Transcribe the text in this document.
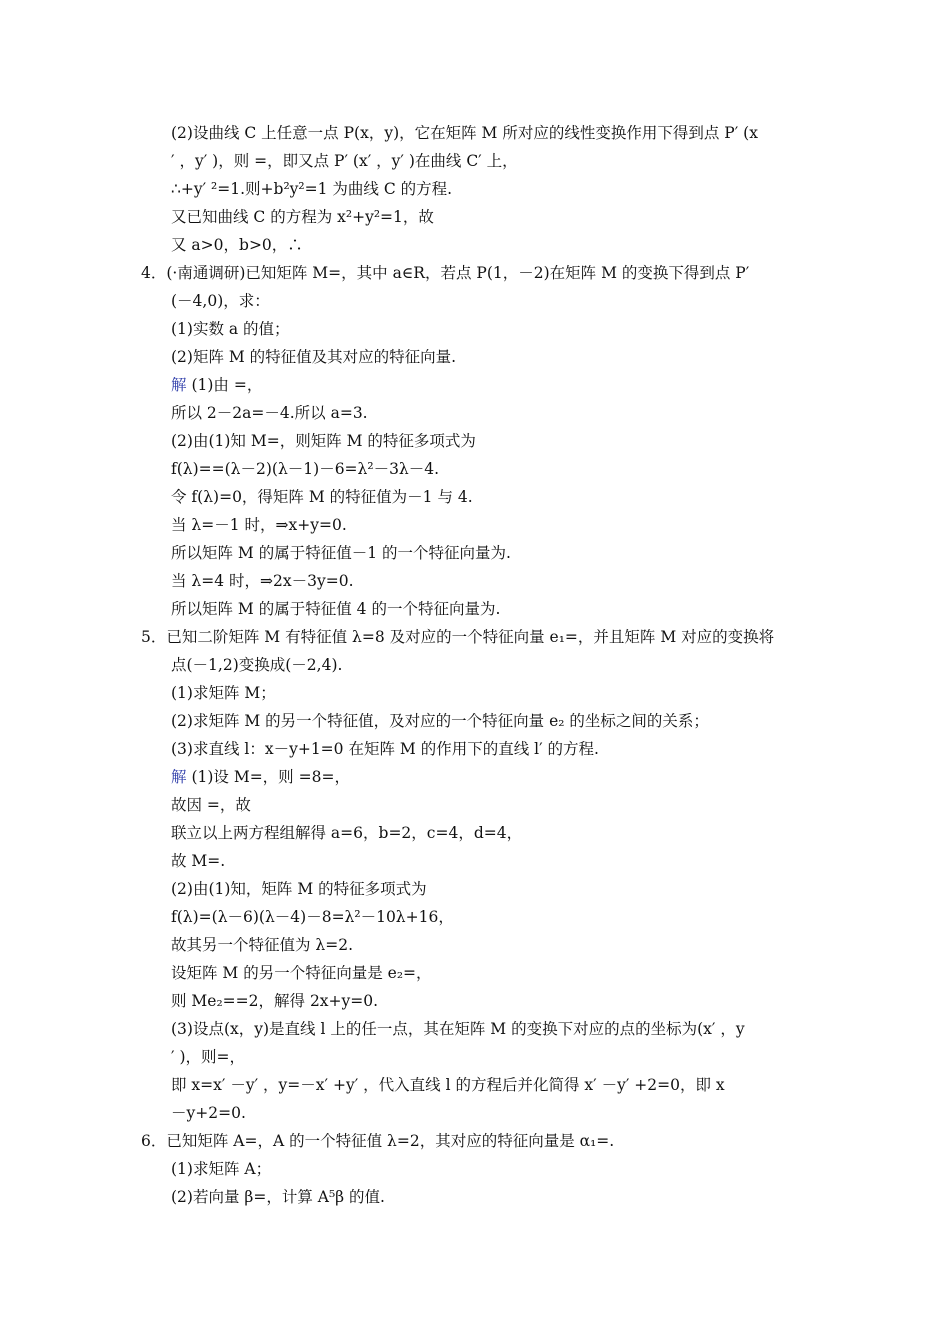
(2)设曲线 C 上任意一点 P(x，y)，它在矩阵 M 所对应的线性变换作用下得到点 P′ (x
′ ，y′ )，则 =，即又点 P′ (x′ ，y′ )在曲线 C′ 上，
∴+y′ ²=1.则+b²y²=1 为曲线 C 的方程.
又已知曲线 C 的方程为 x²+y²=1，故
又 a>0，b>0，∴
4．(·南通调研)已知矩阵 M=，其中 a∈R，若点 P(1，－2)在矩阵 M 的变换下得到点 P′
(－4,0)，求：
(1)实数 a 的值；
(2)矩阵 M 的特征值及其对应的特征向量.
解 (1)由 =，
所以 2－2a=－4.所以 a=3.
(2)由(1)知 M=，则矩阵 M 的特征多项式为
f(λ)==(λ－2)(λ－1)－6=λ²－3λ－4.
令 f(λ)=0，得矩阵 M 的特征值为－1 与 4.
当 λ=－1 时，⇒x+y=0.
所以矩阵 M 的属于特征值－1 的一个特征向量为.
当 λ=4 时，⇒2x－3y=0.
所以矩阵 M 的属于特征值 4 的一个特征向量为.
5．已知二阶矩阵 M 有特征值 λ=8 及对应的一个特征向量 e₁=，并且矩阵 M 对应的变换将
点(－1,2)变换成(－2,4).
(1)求矩阵 M；
(2)求矩阵 M 的另一个特征值，及对应的一个特征向量 e₂ 的坐标之间的关系；
(3)求直线 l：x－y+1=0 在矩阵 M 的作用下的直线 l′ 的方程.
解 (1)设 M=，则 =8=，
故因 =，故
联立以上两方程组解得 a=6，b=2，c=4，d=4，
故 M=.
(2)由(1)知，矩阵 M 的特征多项式为
f(λ)=(λ－6)(λ－4)－8=λ²－10λ+16，
故其另一个特征值为 λ=2.
设矩阵 M 的另一个特征向量是 e₂=，
则 Me₂==2，解得 2x+y=0.
(3)设点(x，y)是直线 l 上的任一点，其在矩阵 M 的变换下对应的点的坐标为(x′ ，y
′ )，则=，
即 x=x′ －y′ ，y=－x′ +y′ ，代入直线 l 的方程后并化简得 x′ －y′ +2=0，即 x
－y+2=0.
6．已知矩阵 A=，A 的一个特征值 λ=2，其对应的特征向量是 α₁=.
(1)求矩阵 A；
(2)若向量 β=，计算 A⁵β 的值.
